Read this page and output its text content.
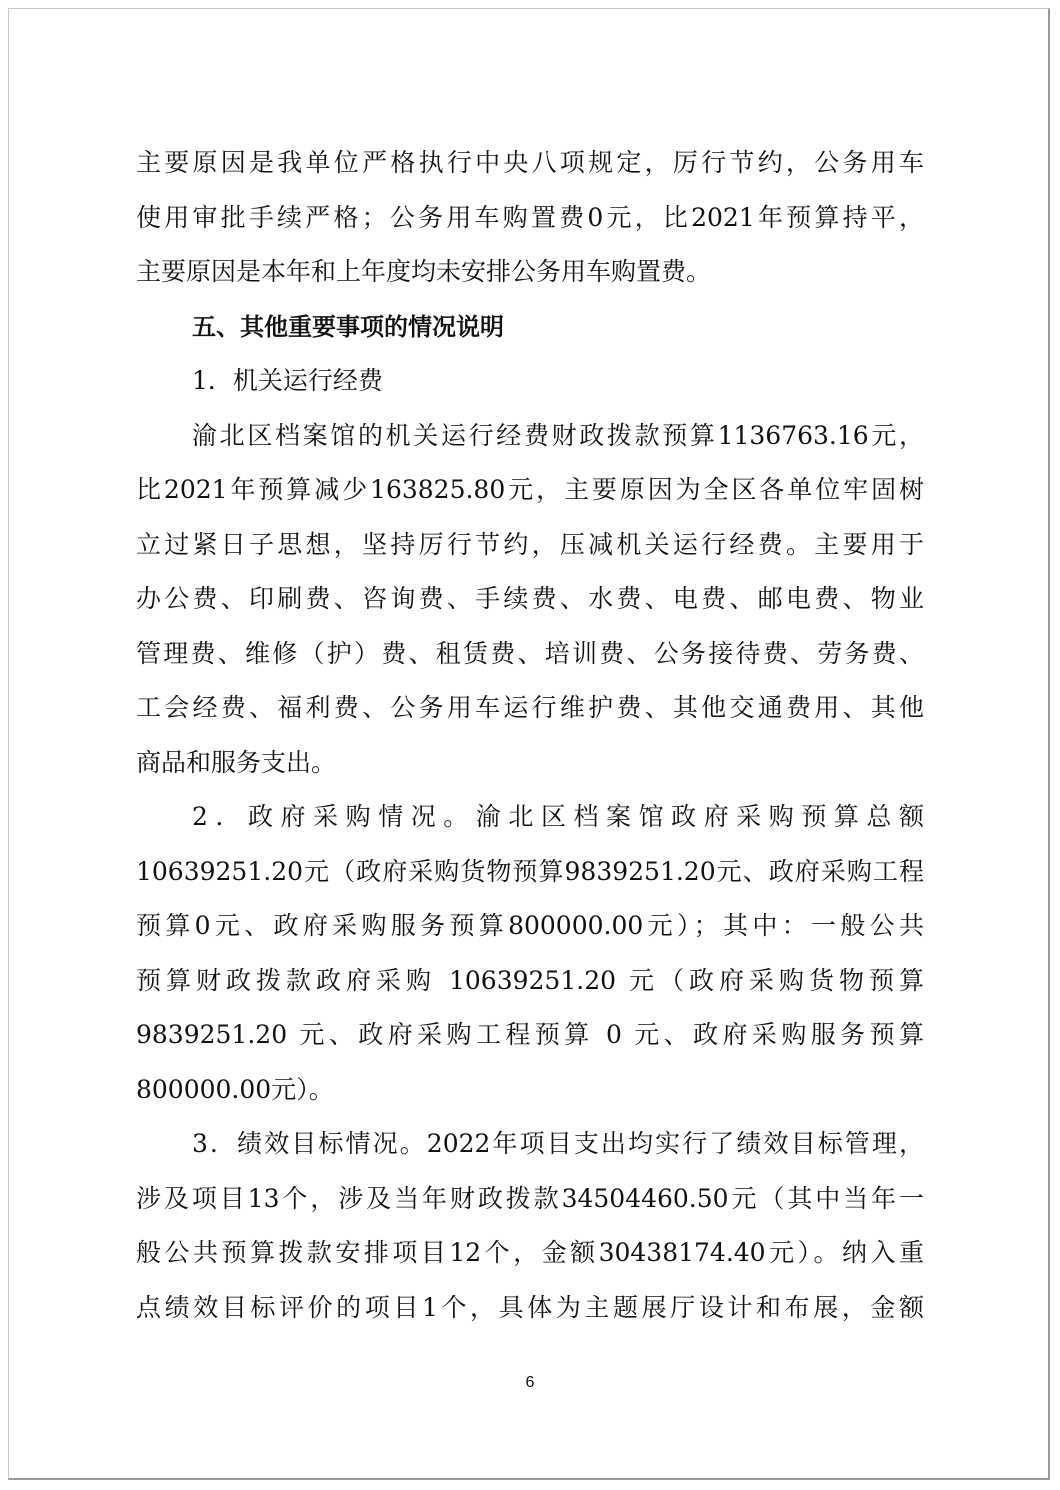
主要原因是我单位严格执行中央八项规定，厉行节约，公务用车
使用审批手续严格；公务用车购置费0元，比2021年预算持平，
主要原因是本年和上年度均未安排公务用车购置费。
五、其他重要事项的情况说明
1．机关运行经费
渝北区档案馆的机关运行经费财政拨款预算1136763.16元，
比2021年预算减少163825.80元，主要原因为全区各单位牢固树
立过紧日子思想，坚持厉行节约，压减机关运行经费。主要用于
办公费、印刷费、咨询费、手续费、水费、电费、邮电费、物业
管理费、维修（护）费、租赁费、培训费、公务接待费、劳务费、
工会经费、福利费、公务用车运行维护费、其他交通费用、其他
商品和服务支出。
2．政府采购情况。渝北区档案馆政府采购预算总额
10639251.20元（政府采购货物预算9839251.20元、政府采购工程
预算0元、政府采购服务预算800000.00元）；其中：一般公共
预算财政拨款政府采购 10639251.20 元（政府采购货物预算
9839251.20 元、政府采购工程预算 0 元、政府采购服务预算
800000.00元）。
3．绩效目标情况。2022年项目支出均实行了绩效目标管理，
涉及项目13个，涉及当年财政拨款34504460.50元（其中当年一
般公共预算拨款安排项目12个，金额30438174.40元）。纳入重
点绩效目标评价的项目1个，具体为主题展厅设计和布展，金额
6
